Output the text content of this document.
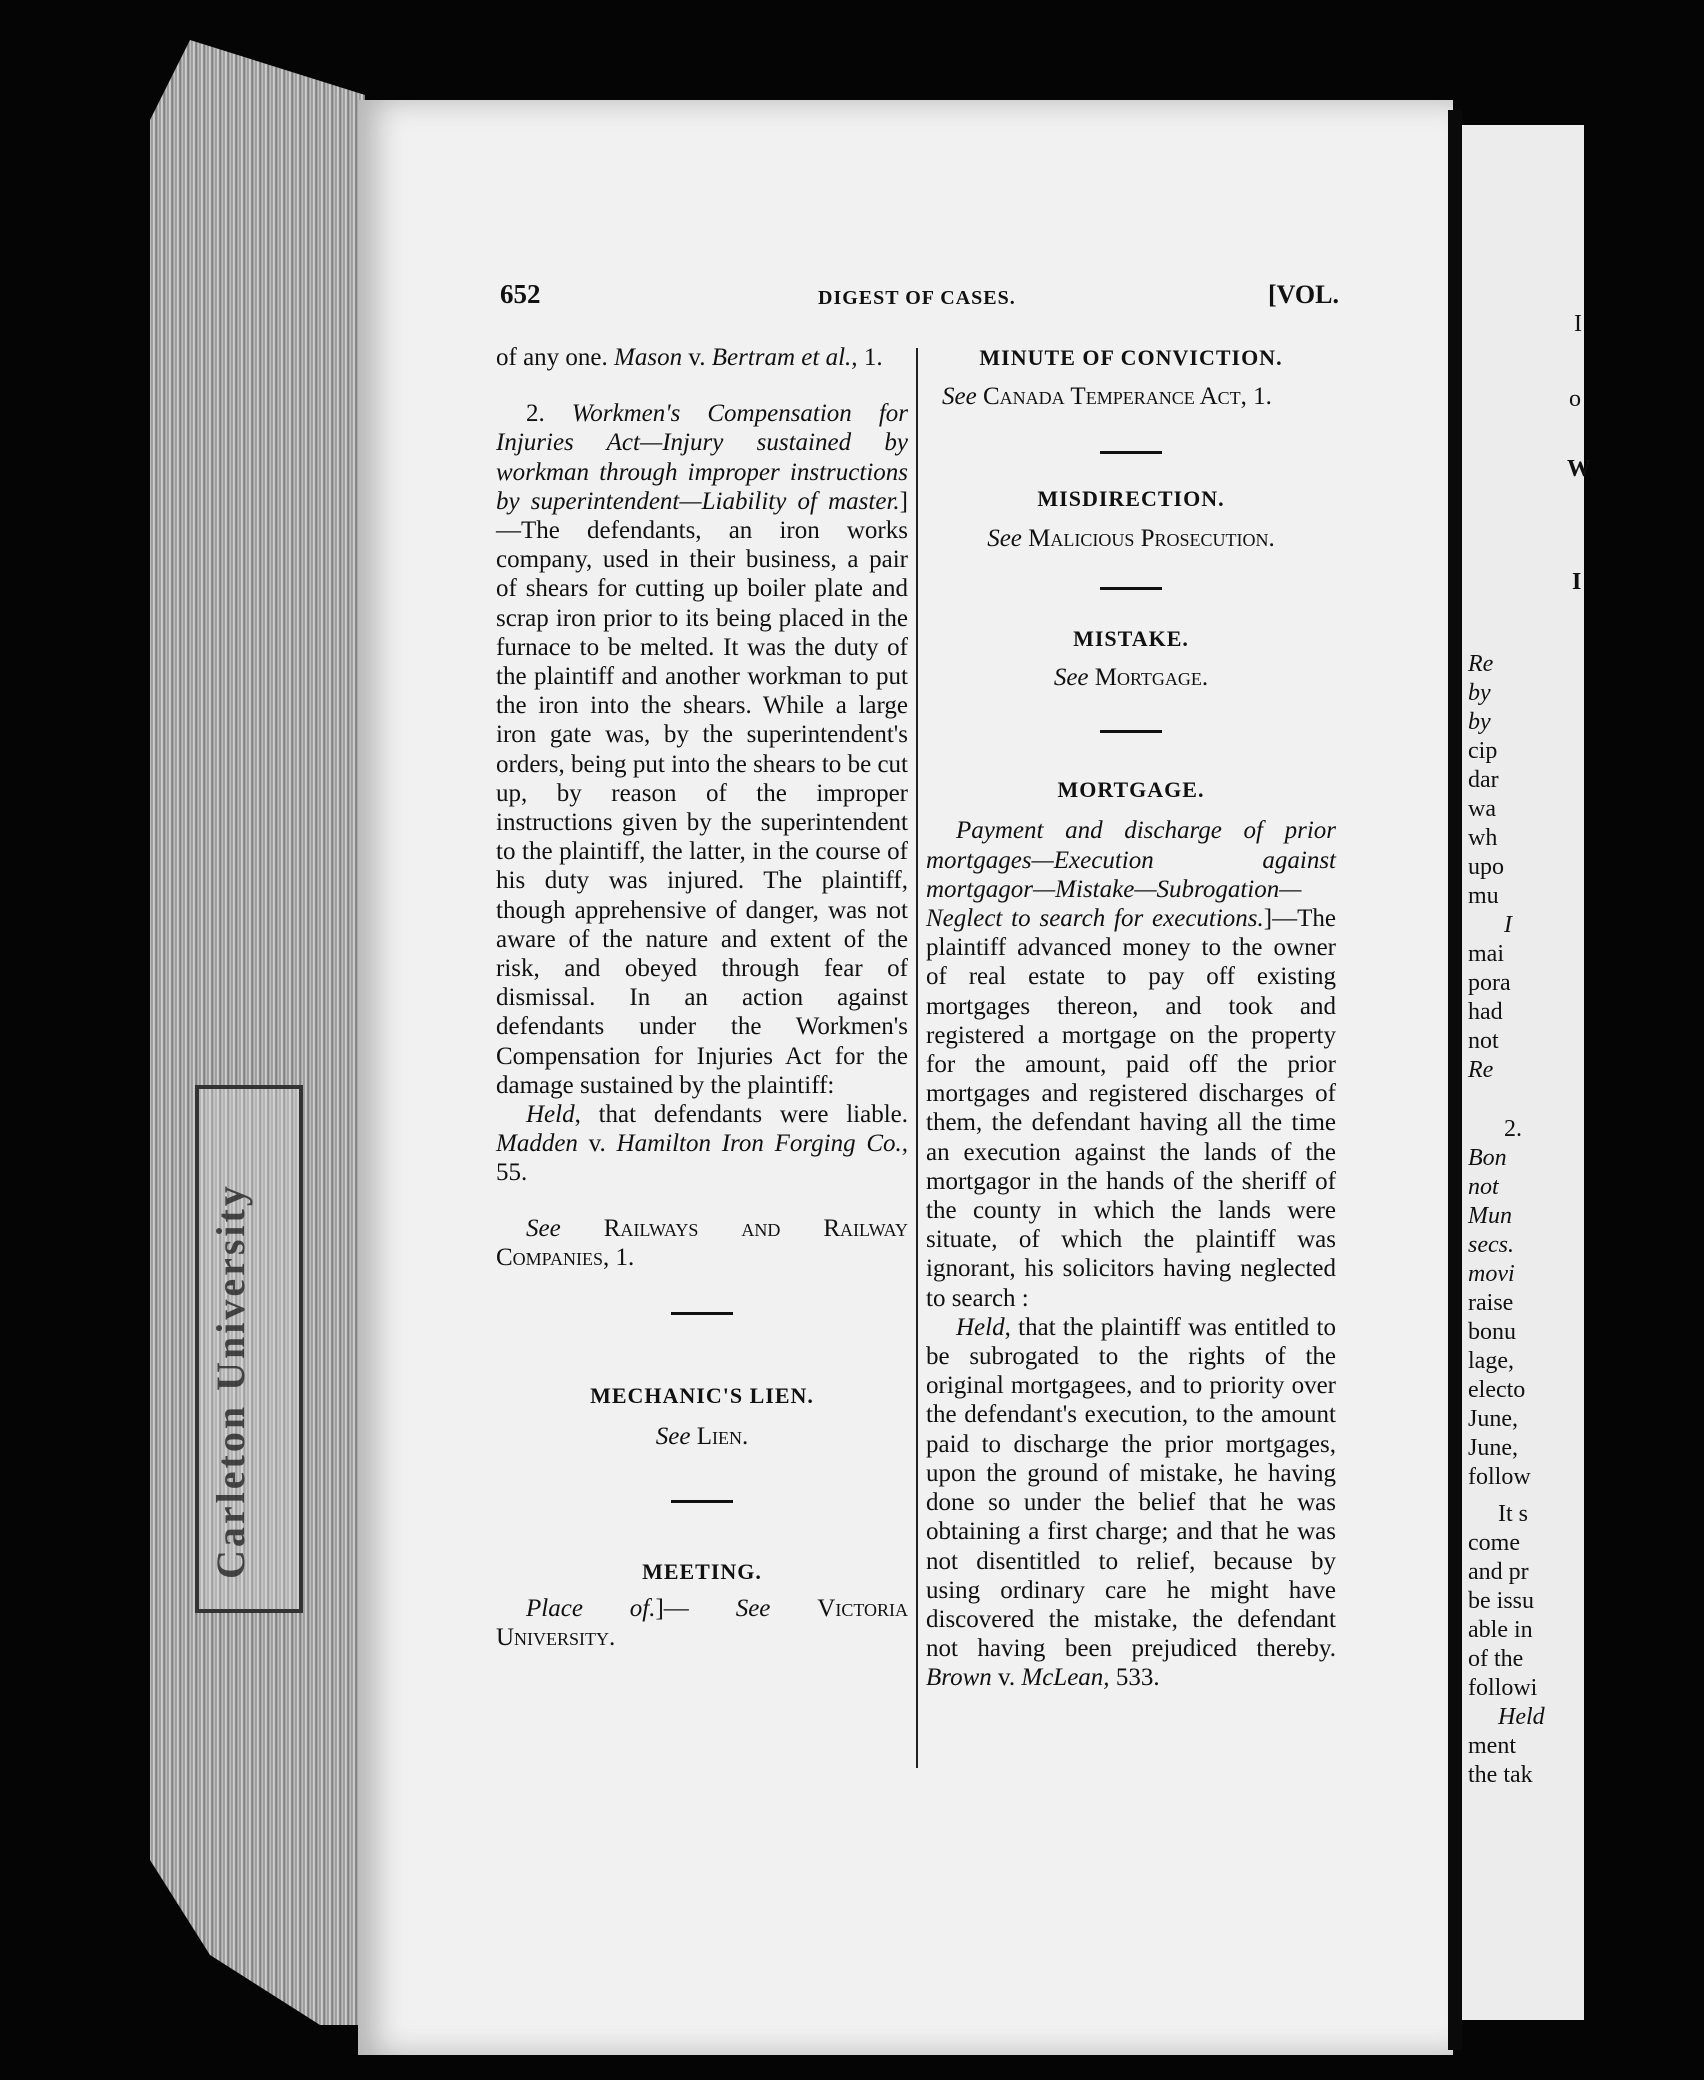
Carleton University
I
o
W
I
Re
by
by
cip
dar
wa
wh
upo
mu
I
mai
pora
had
not
Re
2.
Bon
not
Mun
secs.
movi
raise
bonu
lage,
electo
June,
June,
follow
It s
come
and pr
be issu
able in
of the
followi
Held
ment
the tak
652	DIGEST OF CASES.	[VOL.

of any one. Mason v. Bertram et al., 1.

2. Workmen's Compensation for Injuries Act—Injury sustained by workman through improper instructions by superintendent—Liability of master.]—The defendants, an iron works company, used in their business, a pair of shears for cutting up boiler plate and scrap iron prior to its being placed in the furnace to be melted. It was the duty of the plaintiff and another workman to put the iron into the shears. While a large iron gate was, by the superintendent's orders, being put into the shears to be cut up, by reason of the improper instructions given by the superintendent to the plaintiff, the latter, in the course of his duty was injured. The plaintiff, though apprehensive of danger, was not aware of the nature and extent of the risk, and obeyed through fear of dismissal. In an action against defendants under the Workmen's Compensation for Injuries Act for the damage sustained by the plaintiff:

Held, that defendants were liable. Madden v. Hamilton Iron Forging Co., 55.

See Railways and Railway Companies, 1.

MECHANIC'S LIEN.

See Lien.

MEETING.

Place of.]— See Victoria University.

MINUTE OF CONVICTION.

See Canada Temperance Act, 1.

MISDIRECTION.

See Malicious Prosecution.

MISTAKE.

See Mortgage.

MORTGAGE.

Payment and discharge of prior mortgages—Execution against mortgagor—Mistake—Subrogation—Neglect to search for executions.]—The plaintiff advanced money to the owner of real estate to pay off existing mortgages thereon, and took and registered a mortgage on the property for the amount, paid off the prior mortgages and registered discharges of them, the defendant having all the time an execution against the lands of the mortgagor in the hands of the sheriff of the county in which the lands were situate, of which the plaintiff was ignorant, his solicitors having neglected to search :

Held, that the plaintiff was entitled to be subrogated to the rights of the original mortgagees, and to priority over the defendant's execution, to the amount paid to discharge the prior mortgages, upon the ground of mistake, he having done so under the belief that he was obtaining a first charge; and that he was not disentitled to relief, because by using ordinary care he might have discovered the mistake, the defendant not having been prejudiced thereby. Brown v. McLean, 533.
